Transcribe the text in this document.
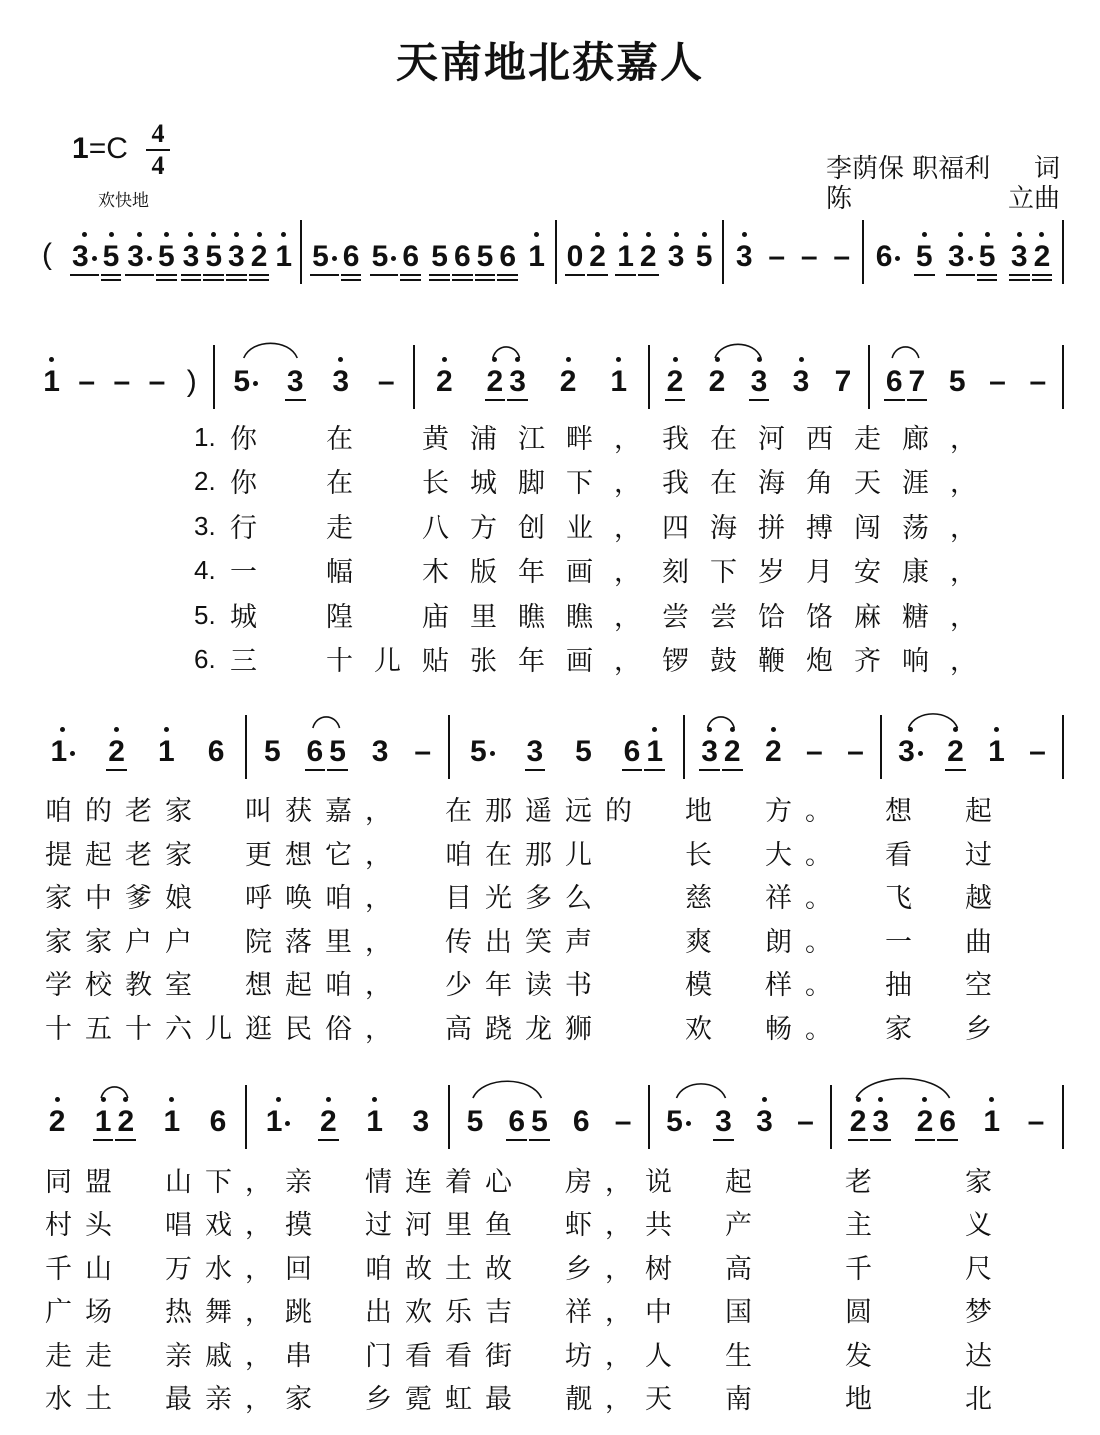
天南地北获嘉人
1=C 4
4
欢快地
李荫保 职福利 词
陈	立曲
( 3 5 3 5 3 5 3 2 1 5 6 5 6 5 6 5 6 1 0 2 1 2 3 5 3 – – – 6 5 3 5 3 2
1 – – – ) 5	3 3 – 2 2 3 2 1 2 2 3 3 7 6 7 5 – –
1	2 1 6 5 6 5 3 – 5	3 5 6 1 3 2 2 – – 3	2 1 –
2 1 2 1 6 1	2 1 3 5 6 5 6 – 5	3 3 – 2 3 2 6 1 –
1. 你	在	黄 浦 江 畔 ， 我 在 河 西 走 廊 ，
2. 你	在	长 城 脚 下 ， 我 在 海 角 天 涯 ，
3. 行	走	八 方 创 业 ， 四 海 拼 搏 闯 荡 ，
4. 一	幅	木 版 年 画 ， 刻 下 岁 月 安 康 ，
5. 城	隍	庙 里 瞧 瞧 ， 尝 尝 饸 饹 麻 糖 ，
6. 三	十 儿 贴 张 年 画 ， 锣 鼓 鞭 炮 齐 响 ，
咱 的 老 家	叫 获 嘉 ，	在 那 遥 远 的	地	方 。	想	起
提 起 老 家	更 想 它 ，	咱 在 那 儿	长	大 。	看	过
家 中 爹 娘	呼 唤 咱 ，	目 光 多 么	慈	祥 。	飞	越
家 家 户 户	院 落 里 ，	传 出 笑 声	爽	朗 。	一	曲
学 校 教 室	想 起 咱 ，	少 年 读 书	模	样 。	抽	空
十 五 十 六 儿 逛 民 俗 ，	高 跷 龙 狮	欢	畅 。	家	乡
同 盟	山 下 ， 亲	情 连 着 心	房 ， 说	起	老	家
村 头	唱 戏 ， 摸	过 河 里 鱼	虾 ， 共	产	主	义
千 山	万 水 ， 回	咱 故 土 故	乡 ， 树	高	千	尺
广 场	热 舞 ， 跳	出 欢 乐 吉	祥 ， 中	国	圆	梦
走 走	亲 戚 ， 串	门 看 看 街	坊 ， 人	生	发	达
水 土	最 亲 ， 家	乡 霓 虹 最	靓 ， 天	南	地	北
